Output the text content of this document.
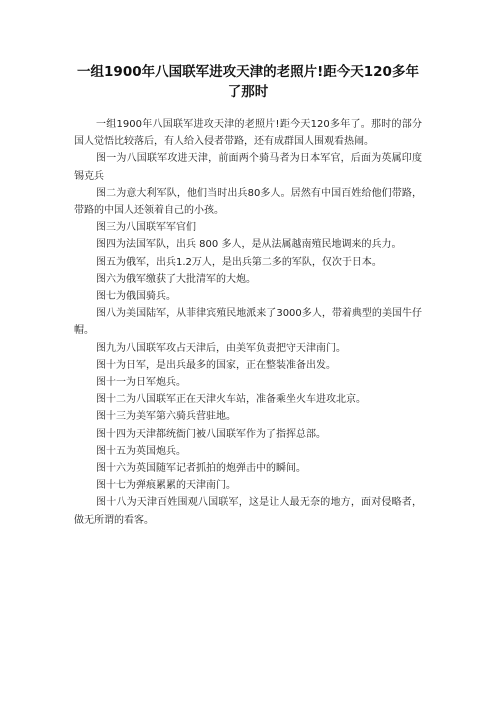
一组1900年八国联军进攻天津的老照片!距今天120多年了那时

一组1900年八国联军进攻天津的老照片!距今天120多年了。那时的部分国人觉悟比较落后，有人给入侵者带路，还有成群国人围观看热闹。

图一为八国联军攻进天津，前面两个骑马者为日本军官，后面为英属印度锡克兵

图二为意大利军队，他们当时出兵80多人。居然有中国百姓给他们带路，带路的中国人还领着自己的小孩。

图三为八国联军军官们

图四为法国军队，出兵 800 多人，是从法属越南殖民地调来的兵力。

图五为俄军，出兵1.2万人，是出兵第二多的军队，仅次于日本。

图六为俄军缴获了大批清军的大炮。

图七为俄国骑兵。

图八为美国陆军，从菲律宾殖民地派来了3000多人，带着典型的美国牛仔帽。

图九为八国联军攻占天津后，由美军负责把守天津南门。

图十为日军，是出兵最多的国家，正在整装准备出发。

图十一为日军炮兵。

图十二为八国联军正在天津火车站，准备乘坐火车进攻北京。

图十三为美军第六骑兵营驻地。

图十四为天津都统衙门被八国联军作为了指挥总部。

图十五为英国炮兵。

图十六为英国随军记者抓拍的炮弹击中的瞬间。

图十七为弹痕累累的天津南门。

图十八为天津百姓围观八国联军，这是让人最无奈的地方，面对侵略者，做无所谓的看客。
